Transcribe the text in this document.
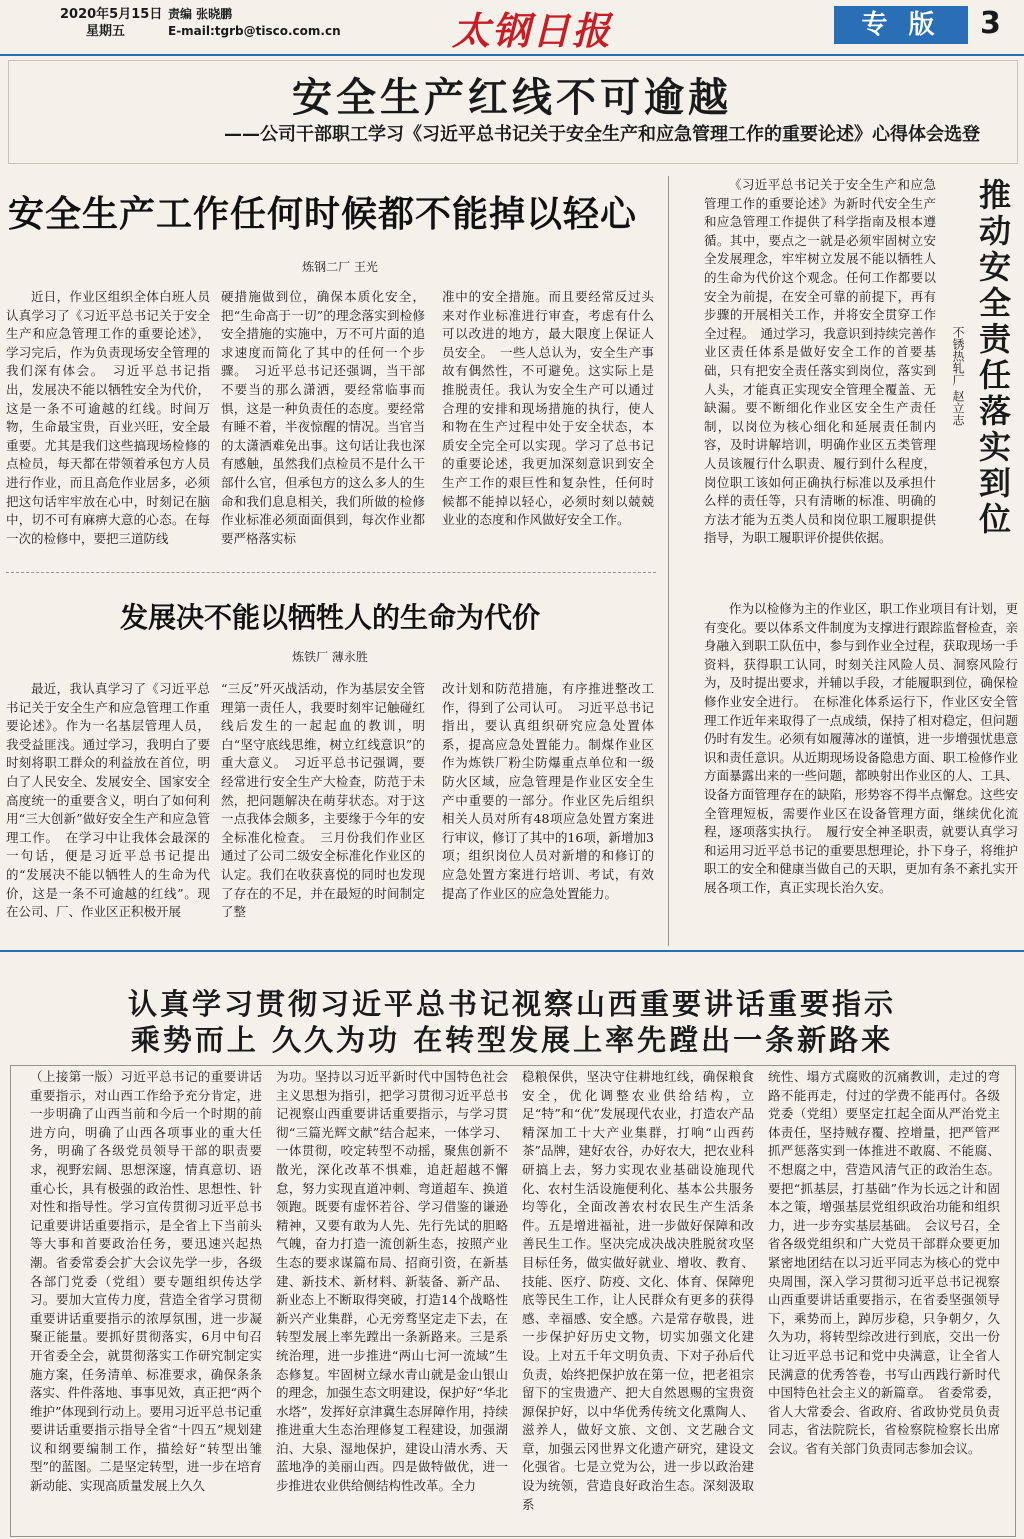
2020年5月15日
星期五
责编 张晓鹏
E-mail:tgrb@tisco.com.cn	太钢日报	专 版	3
安全生产红线不可逾越
——公司干部职工学习《习近平总书记关于安全生产和应急管理工作的重要论述》心得体会选登
安全生产工作任何时候都不能掉以轻心
炼钢二厂 王光

近日，作业区组织全体白班人员认真学习了《习近平总书记关于安全生产和应急管理工作的重要论述》，学习完后，作为负责现场安全管理的我们深有体会。　习近平总书记指出，发展决不能以牺牲安全为代价，这是一条不可逾越的红线。时间万物，生命最宝贵，百业兴旺，安全最重要。尤其是我们这些搞现场检修的点检员，每天都在带领着承包方人员进行作业，而且高危作业居多，必须把这句话牢牢放在心中，时刻记在脑中，切不可有麻痹大意的心态。在每一次的检修中，要把三道防线

硬措施做到位，确保本质化安全，把“生命高于一切”的理念落实到检修安全措施的实施中，万不可片面的追求速度而简化了其中的任何一个步骤。　习近平总书记还强调，当干部不要当的那么潇洒，要经常临事而惧，这是一种负责任的态度。要经常有睡不着，半夜惊醒的情况。当官当的太潇洒难免出事。这句话让我也深有感触，虽然我们点检员不是什么干部什么官，但承包方的这么多人的生命和我们息息相关，我们所做的检修作业标准必须面面俱到，每次作业都要严格落实标

准中的安全措施。而且要经常反过头来对作业标准进行审查，考虑有什么可以改进的地方，最大限度上保证人员安全。　一些人总认为，安全生产事故有偶然性，不可避免。这实际上是推脱责任。我认为安全生产可以通过合理的安排和现场措施的执行，使人和物在生产过程中处于安全状态，本质安全完全可以实现。学习了总书记的重要论述，我更加深刻意识到安全生产工作的艰巨性和复杂性，任何时候都不能掉以轻心，必须时刻以兢兢业业的态度和作风做好安全工作。

发展决不能以牺牲人的生命为代价
炼铁厂 薄永胜

最近，我认真学习了《习近平总书记关于安全生产和应急管理工作重要论述》。作为一名基层管理人员，我受益匪浅。通过学习，我明白了要时刻将职工群众的利益放在首位，明白了人民安全、发展安全、国家安全高度统一的重要含义，明白了如何利用“三大创新”做好安全生产和应急管理工作。　在学习中让我体会最深的一句话，便是习近平总书记提出的“发展决不能以牺牲人的生命为代价，这是一条不可逾越的红线”。现在公司、厂、作业区正积极开展

“三反”歼灭战活动，作为基层安全管理第一责任人，我要时刻牢记触碰红线后发生的一起起血的教训，明白“坚守底线思维，树立红线意识”的重大意义。　习近平总书记强调，要经常进行安全生产大检查，防范于未然，把问题解决在萌芽状态。对于这一点我体会颇多，主要缘于今年的安全标准化检查。　三月份我们作业区通过了公司二级安全标准化作业区的认定。我们在收获喜悦的同时也发现了存在的不足，并在最短的时间制定了整

改计划和防范措施，有序推进整改工作，得到了公司认可。　习近平总书记指出，要认真组织研究应急处置体系，提高应急处置能力。制煤作业区作为炼铁厂粉尘防爆重点单位和一级防火区域，应急管理是作业区安全生产中重要的一部分。作业区先后组织相关人员对所有48项应急处置方案进行审议，修订了其中的16项，新增加3项；组织岗位人员对新增的和修订的应急处置方案进行培训、考试，有效提高了作业区的应急处置能力。

《习近平总书记关于安全生产和应急管理工作的重要论述》为新时代安全生产和应急管理工作提供了科学指南及根本遵循。其中，要点之一就是必须牢固树立安全发展理念，牢牢树立发展不能以牺牲人的生命为代价这个观念。任何工作都要以安全为前提，在安全可靠的前提下，再有步骤的开展相关工作，并将安全贯穿工作全过程。　通过学习，我意识到持续完善作业区责任体系是做好安全工作的首要基础，只有把安全责任落实到岗位，落实到人头，才能真正实现安全管理全覆盖、无缺漏。要不断细化作业区安全生产责任制，以岗位为核心细化和延展责任制内容，及时讲解培训，明确作业区五类管理人员该履行什么职责、履行到什么程度，岗位职工该如何正确执行标准以及承担什么样的责任等，只有清晰的标准、明确的方法才能为五类人员和岗位职工履职提供指导，为职工履职评价提供依据。	推动安全责任落实到位
不锈热轧厂 赵立志

作为以检修为主的作业区，职工作业项目有计划，更有变化。要以体系文件制度为支撑进行跟踪监督检查，亲身融入到职工队伍中，参与到作业全过程，获取现场一手资料，获得职工认同，时刻关注风险人员、洞察风险行为，及时提出要求，并辅以手段，才能履职到位，确保检修作业安全进行。　在标准化体系运行下，作业区安全管理工作近年来取得了一点成绩，保持了相对稳定，但问题仍时有发生。必须有如履薄冰的谨慎，进一步增强忧患意识和责任意识。从近期现场设备隐患方面、职工检修作业方面暴露出来的一些问题，都映射出作业区的人、工具、设备方面管理存在的缺陷，形势容不得半点懈怠。这些安全管理短板，需要作业区在设备管理方面，继续优化流程，逐项落实执行。　履行安全神圣职责，就要认真学习和运用习近平总书记的重要思想理论，扑下身子，将维护职工的安全和健康当做自己的天职，更加有条不紊扎实开展各项工作，真正实现长治久安。

认真学习贯彻习近平总书记视察山西重要讲话重要指示
乘势而上 久久为功 在转型发展上率先蹚出一条新路来

（上接第一版）习近平总书记的重要讲话重要指示，对山西工作给予充分肯定，进一步明确了山西当前和今后一个时期的前进方向，明确了山西各项事业的重大任务，明确了各级党员领导干部的职责要求，视野宏阔、思想深邃，情真意切、语重心长，具有极强的政治性、思想性、针对性和指导性。学习宣传贯彻习近平总书记重要讲话重要指示，是全省上下当前头等大事和首要政治任务，要迅速兴起热潮。省委常委会扩大会议先学一步，各级各部门党委（党组）要专题组织传达学习。要加大宣传力度，营造全省学习贯彻重要讲话重要指示的浓厚氛围，进一步凝聚正能量。要抓好贯彻落实，6月中旬召开省委全会，就贯彻落实工作研究制定实施方案，任务清单、标准要求，确保条条落实、件件落地、事事见效，真正把“两个维护”体现到行动上。要用习近平总书记重要讲话重要指示指导全省“十四五”规划建议和纲要编制工作，描绘好“转型出雏型”的蓝图。二是坚定转型，进一步在培育新动能、实现高质量发展上久久

为功。坚持以习近平新时代中国特色社会主义思想为指引，把学习贯彻习近平总书记视察山西重要讲话重要指示，与学习贯彻“三篇光辉文献”结合起来，一体学习、一体贯彻，咬定转型不动摇，聚焦创新不散光，深化改革不惧难，追赶超越不懈怠，努力实现直道冲刺、弯道超车、换道领跑。既要有虚怀若谷、学习借鉴的谦逊精神，又要有敢为人先、先行先试的胆略气魄，奋力打造一流创新生态，按照产业生态的要求谋篇布局、招商引资，在新基建、新技术、新材料、新装备、新产品、新业态上不断取得突破，打造14个战略性新兴产业集群，心无旁骛坚定走下去，在转型发展上率先蹚出一条新路来。三是系统治理，进一步推进“两山七河一流域”生态修复。牢固树立绿水青山就是金山银山的理念，加强生态文明建设，保护好“华北水塔”，发挥好京津冀生态屏障作用，持续推进重大生态治理修复工程建设，加强湖泊、大泉、湿地保护，建设山清水秀、天蓝地净的美丽山西。四是做特做优，进一步推进农业供给侧结构性改革。全力

稳粮保供，坚决守住耕地红线，确保粮食安全，优化调整农业供给结构，立足“特”和“优”发展现代农业，打造农产品精深加工十大产业集群，打响“山西药茶”品牌，建好农谷，办好农大，把农业科研搞上去，努力实现农业基础设施现代化、农村生活设施便利化、基本公共服务均等化，全面改善农村农民生产生活条件。五是增进福祉，进一步做好保障和改善民生工作。坚决完成决战决胜脱贫攻坚目标任务，做实做好就业、增收、教育、技能、医疗、防疫、文化、体育、保障兜底等民生工作，让人民群众有更多的获得感、幸福感、安全感。六是常存敬畏，进一步保护好历史文物，切实加强文化建设。上对五千年文明负责、下对子孙后代负责，始终把保护放在第一位，把老祖宗留下的宝贵遗产、把大自然恩赐的宝贵资源保护好，以中华优秀传统文化熏陶人、滋养人，做好文旅、文创、文艺融合文章，加强云冈世界文化遗产研究，建设文化强省。七是立党为公，进一步以政治建设为统领，营造良好政治生态。深刻汲取系

统性、塌方式腐败的沉痛教训，走过的弯路不能再走，付过的学费不能再付。各级党委（党组）要坚定扛起全面从严治党主体责任，坚持贼存覆、控增量，把严管严抓严惩落实到一体推进不敢腐、不能腐、不想腐之中，营造风清气正的政治生态。要把“抓基层，打基础”作为长远之计和固本之策，增强基层党组织政治功能和组织力，进一步夯实基层基础。　会议号召，全省各级党组织和广大党员干部群众要更加紧密地团结在以习近平同志为核心的党中央周围，深入学习贯彻习近平总书记视察山西重要讲话重要指示，在省委坚强领导下，乘势而上，踔厉步稳，只争朝夕，久久为功，将转型综改进行到底，交出一份让习近平总书记和党中央满意，让全省人民满意的优秀答卷，书写山西践行新时代中国特色社会主义的新篇章。　省委常委，省人大常委会、省政府、省政协党员负责同志，省法院院长，省检察院检察长出席会议。省有关部门负责同志参加会议。
